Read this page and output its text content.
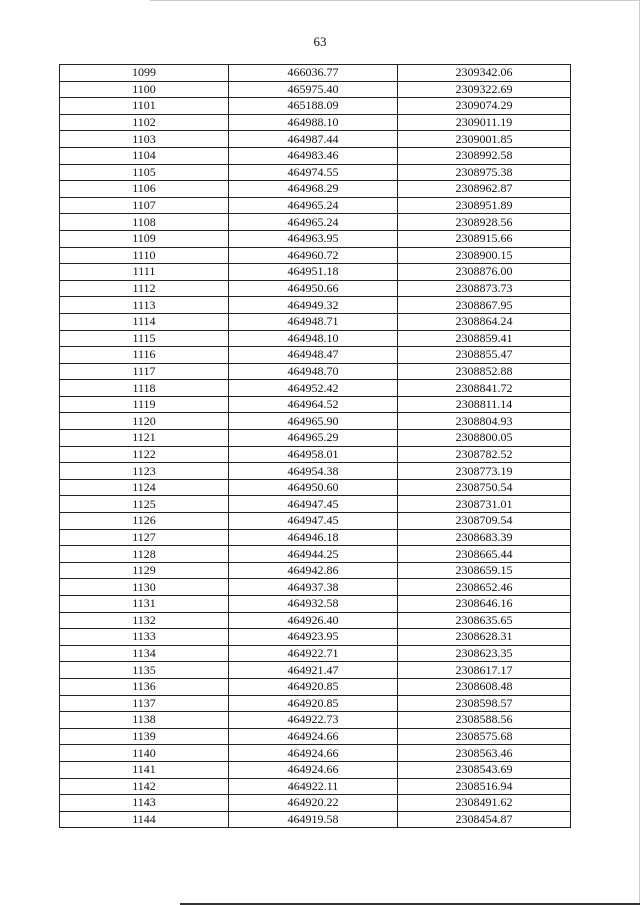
63
1099	466036.77	2309342.06
1100	465975.40	2309322.69
1101	465188.09	2309074.29
1102	464988.10	2309011.19
1103	464987.44	2309001.85
1104	464983.46	2308992.58
1105	464974.55	2308975.38
1106	464968.29	2308962.87
1107	464965.24	2308951.89
1108	464965.24	2308928.56
1109	464963.95	2308915.66
1110	464960.72	2308900.15
1111	464951.18	2308876.00
1112	464950.66	2308873.73
1113	464949.32	2308867.95
1114	464948.71	2308864.24
1115	464948.10	2308859.41
1116	464948.47	2308855.47
1117	464948.70	2308852.88
1118	464952.42	2308841.72
1119	464964.52	2308811.14
1120	464965.90	2308804.93
1121	464965.29	2308800.05
1122	464958.01	2308782.52
1123	464954.38	2308773.19
1124	464950.60	2308750.54
1125	464947.45	2308731.01
1126	464947.45	2308709.54
1127	464946.18	2308683.39
1128	464944.25	2308665.44
1129	464942.86	2308659.15
1130	464937.38	2308652.46
1131	464932.58	2308646.16
1132	464926.40	2308635.65
1133	464923.95	2308628.31
1134	464922.71	2308623.35
1135	464921.47	2308617.17
1136	464920.85	2308608.48
1137	464920.85	2308598.57
1138	464922.73	2308588.56
1139	464924.66	2308575.68
1140	464924.66	2308563.46
1141	464924.66	2308543.69
1142	464922.11	2308516.94
1143	464920.22	2308491.62
1144	464919.58	2308454.87
